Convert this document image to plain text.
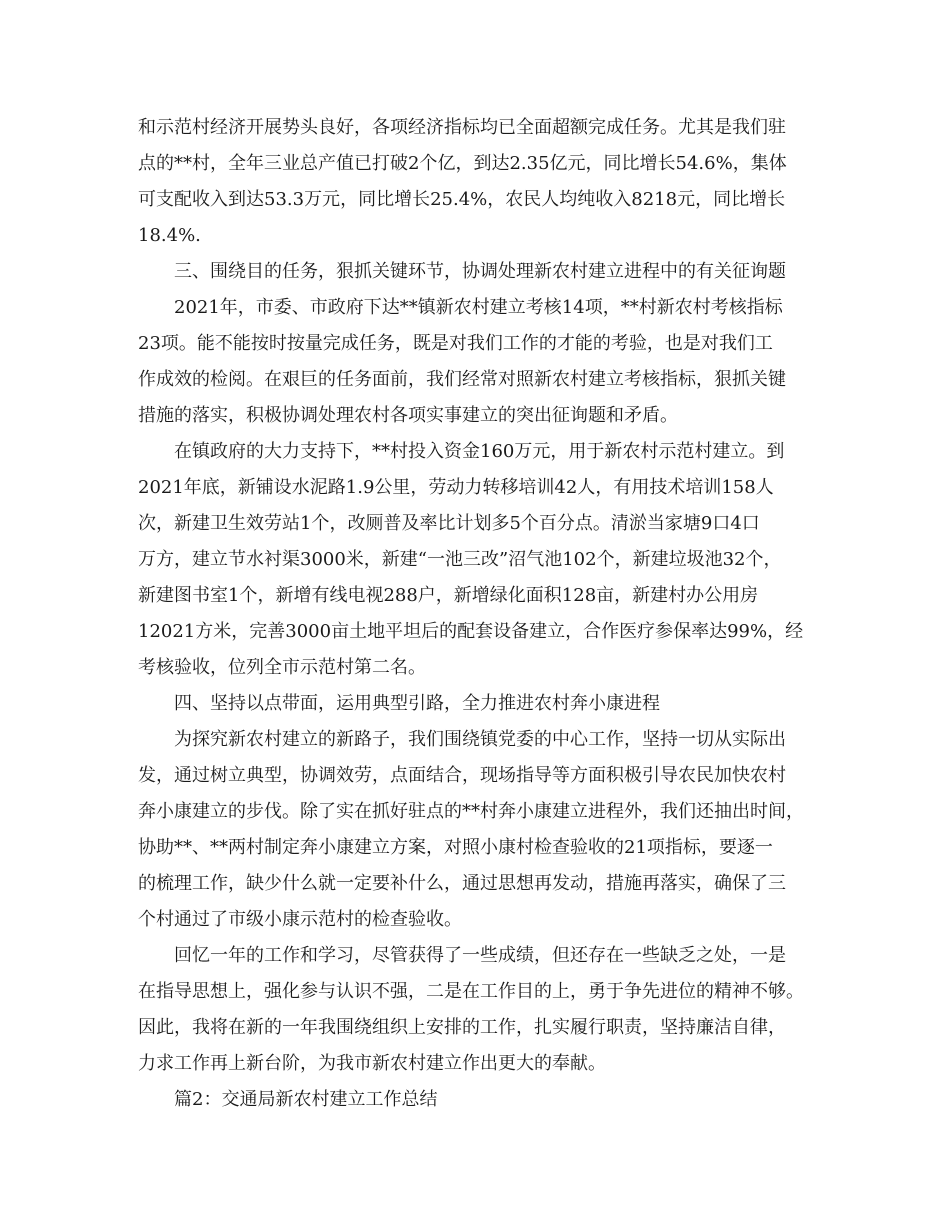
和示范村经济开展势头良好，各项经济指标均已全面超额完成任务。尤其是我们驻

点的**村，全年三业总产值已打破2个亿，到达2.35亿元，同比增长54.6%，集体

可支配收入到达53.3万元，同比增长25.4%，农民人均纯收入8218元，同比增长

18.4%.

三、围绕目的任务，狠抓关键环节，协调处理新农村建立进程中的有关征询题

2021年，市委、市政府下达**镇新农村建立考核14项，**村新农村考核指标

23项。能不能按时按量完成任务，既是对我们工作的才能的考验，也是对我们工

作成效的检阅。在艰巨的任务面前，我们经常对照新农村建立考核指标，狠抓关键

措施的落实，积极协调处理农村各项实事建立的突出征询题和矛盾。

在镇政府的大力支持下，**村投入资金160万元，用于新农村示范村建立。到

2021年底，新铺设水泥路1.9公里，劳动力转移培训42人，有用技术培训158人

次，新建卫生效劳站1个，改厕普及率比计划多5个百分点。清淤当家塘9口4口

万方，建立节水衬渠3000米，新建“一池三改”沼气池102个，新建垃圾池32个，

新建图书室1个，新增有线电视288户，新增绿化面积128亩，新建村办公用房

12021方米，完善3000亩土地平坦后的配套设备建立，合作医疗参保率达99%，经

考核验收，位列全市示范村第二名。

四、坚持以点带面，运用典型引路，全力推进农村奔小康进程

为探究新农村建立的新路子，我们围绕镇党委的中心工作，坚持一切从实际出

发，通过树立典型，协调效劳，点面结合，现场指导等方面积极引导农民加快农村

奔小康建立的步伐。除了实在抓好驻点的**村奔小康建立进程外，我们还抽出时间，

协助**、**两村制定奔小康建立方案，对照小康村检查验收的21项指标，要逐一

的梳理工作，缺少什么就一定要补什么，通过思想再发动，措施再落实，确保了三

个村通过了市级小康示范村的检查验收。

回忆一年的工作和学习，尽管获得了一些成绩，但还存在一些缺乏之处，一是

在指导思想上，强化参与认识不强，二是在工作目的上，勇于争先进位的精神不够。

因此，我将在新的一年我围绕组织上安排的工作，扎实履行职责，坚持廉洁自律，

力求工作再上新台阶，为我市新农村建立作出更大的奉献。

篇2：交通局新农村建立工作总结
